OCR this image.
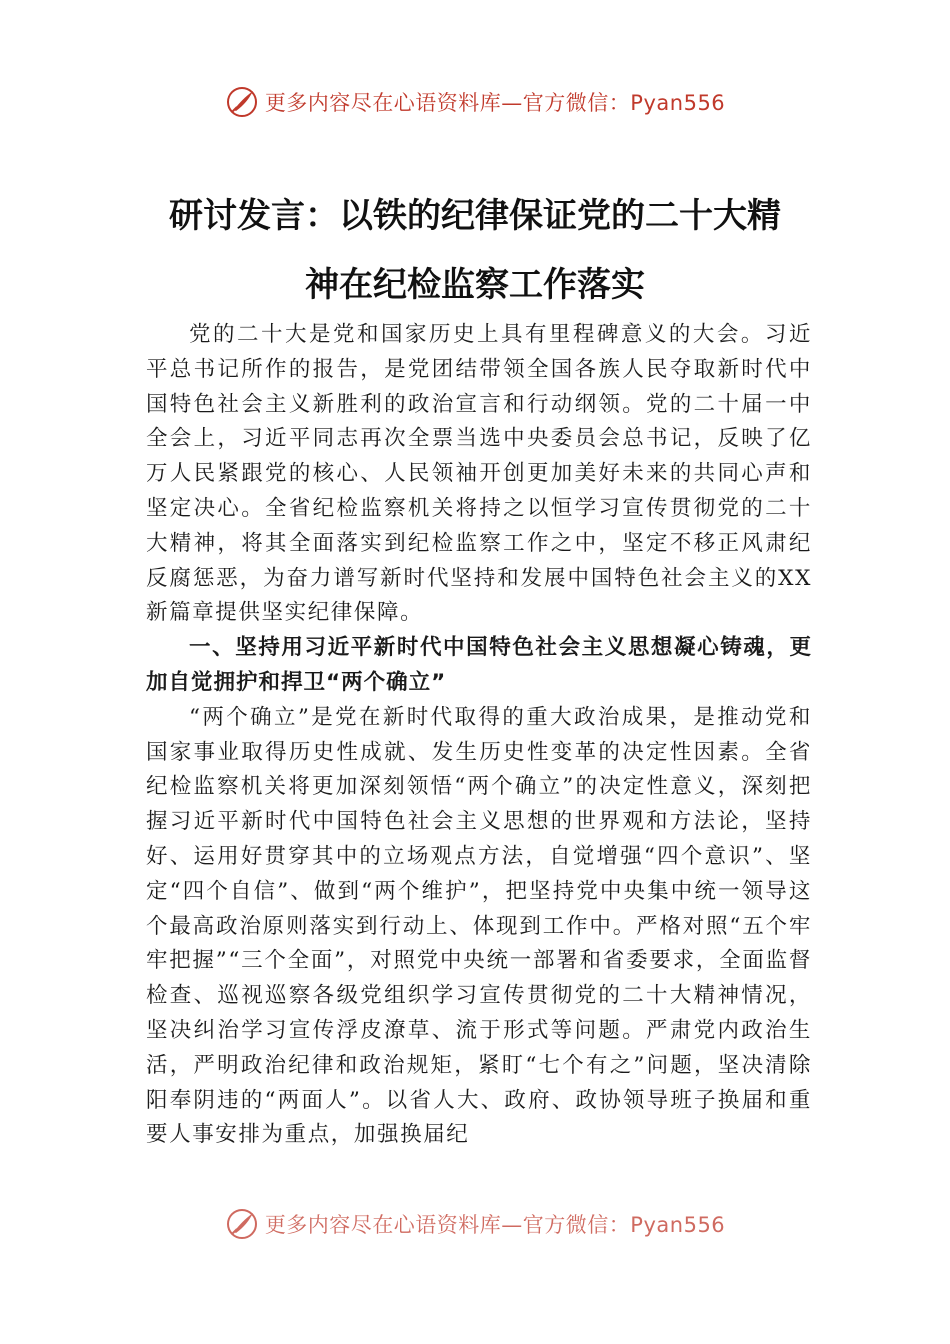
更多内容尽在心语资料库—官方微信：Pyan556
研讨发言：以铁的纪律保证党的二十大精
神在纪检监察工作落实

党的二十大是党和国家历史上具有里程碑意义的大会。习近平总书记所作的报告，是党团结带领全国各族人民夺取新时代中国特色社会主义新胜利的政治宣言和行动纲领。党的二十届一中全会上，习近平同志再次全票当选中央委员会总书记，反映了亿万人民紧跟党的核心、人民领袖开创更加美好未来的共同心声和坚定决心。全省纪检监察机关将持之以恒学习宣传贯彻党的二十大精神，将其全面落实到纪检监察工作之中，坚定不移正风肃纪反腐惩恶，为奋力谱写新时代坚持和发展中国特色社会主义的XX新篇章提供坚实纪律保障。

一、坚持用习近平新时代中国特色社会主义思想凝心铸魂，更加自觉拥护和捍卫“两个确立”

“两个确立”是党在新时代取得的重大政治成果，是推动党和国家事业取得历史性成就、发生历史性变革的决定性因素。全省纪检监察机关将更加深刻领悟“两个确立”的决定性意义，深刻把握习近平新时代中国特色社会主义思想的世界观和方法论，坚持好、运用好贯穿其中的立场观点方法，自觉增强“四个意识”、坚定“四个自信”、做到“两个维护”，把坚持党中央集中统一领导这个最高政治原则落实到行动上、体现到工作中。严格对照“五个牢牢把握”“三个全面”，对照党中央统一部署和省委要求，全面监督检查、巡视巡察各级党组织学习宣传贯彻党的二十大精神情况，坚决纠治学习宣传浮皮潦草、流于形式等问题。严肃党内政治生活，严明政治纪律和政治规矩，紧盯“七个有之”问题，坚决清除阳奉阴违的“两面人”。以省人大、政府、政协领导班子换届和重要人事安排为重点，加强换届纪

更多内容尽在心语资料库—官方微信：Pyan556
